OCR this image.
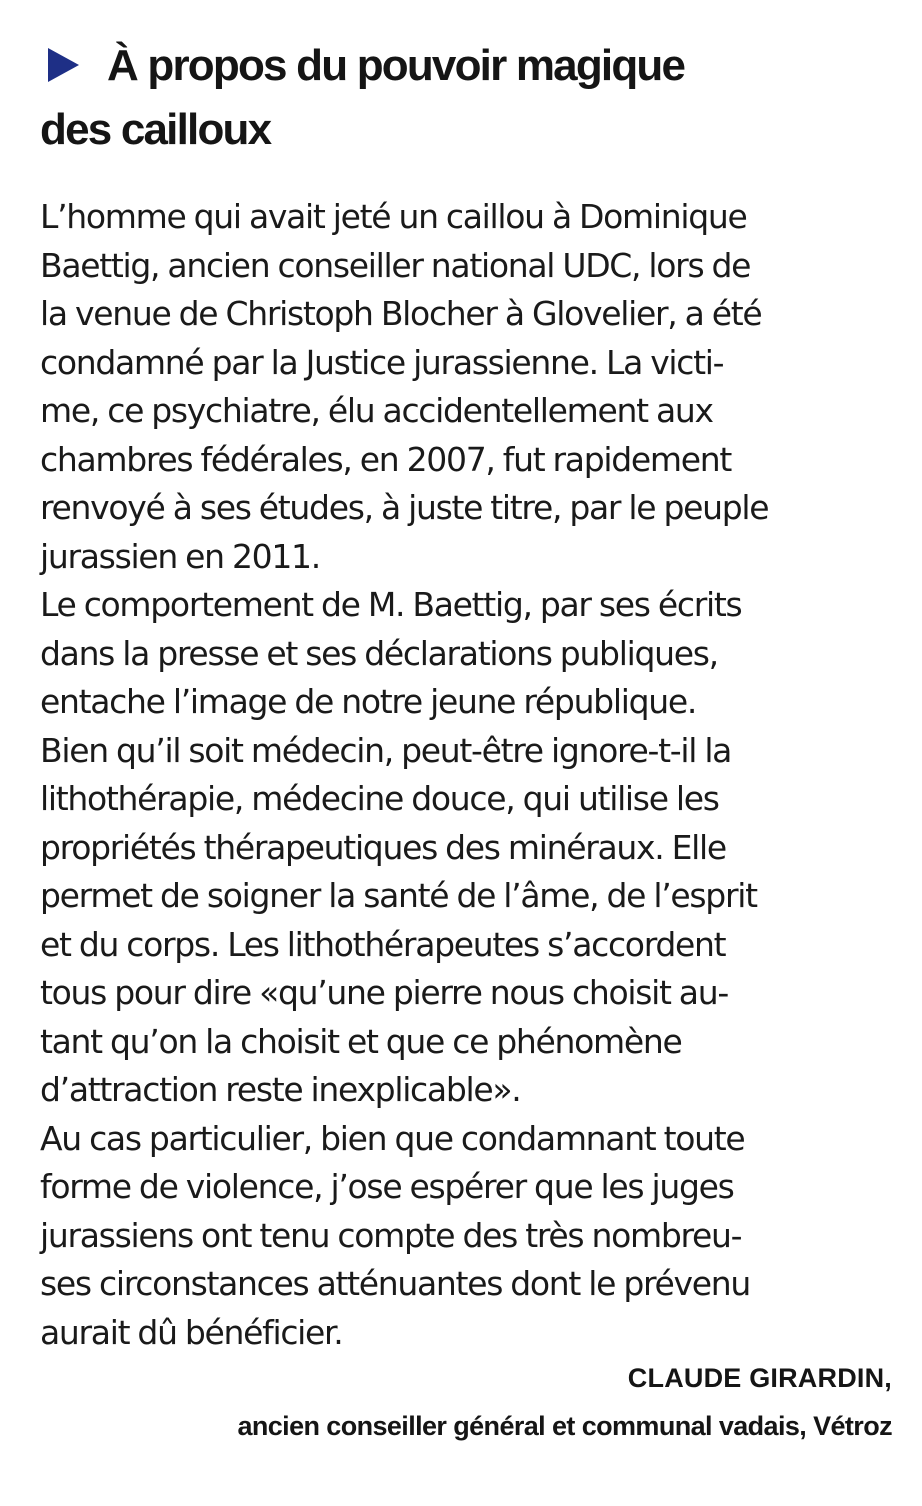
À propos du pouvoir magique
des cailloux
L’homme qui avait jeté un caillou à Dominique
Baettig, ancien conseiller national UDC, lors de
la venue de Christoph Blocher à Glovelier, a été
condamné par la Justice jurassienne. La victi-
me, ce psychiatre, élu accidentellement aux
chambres fédérales, en 2007, fut rapidement
renvoyé à ses études, à juste titre, par le peuple
jurassien en 2011.
Le comportement de M. Baettig, par ses écrits
dans la presse et ses déclarations publiques,
entache l’image de notre jeune république.
Bien qu’il soit médecin, peut-être ignore-t-il la
lithothérapie, médecine douce, qui utilise les
propriétés thérapeutiques des minéraux. Elle
permet de soigner la santé de l’âme, de l’esprit
et du corps. Les lithothérapeutes s’accordent
tous pour dire «qu’une pierre nous choisit au-
tant qu’on la choisit et que ce phénomène
d’attraction reste inexplicable».
Au cas particulier, bien que condamnant toute
forme de violence, j’ose espérer que les juges
jurassiens ont tenu compte des très nombreu-
ses circonstances atténuantes dont le prévenu
aurait dû bénéficier.
CLAUDE GIRARDIN,
ancien conseiller général et communal vadais, Vétroz
